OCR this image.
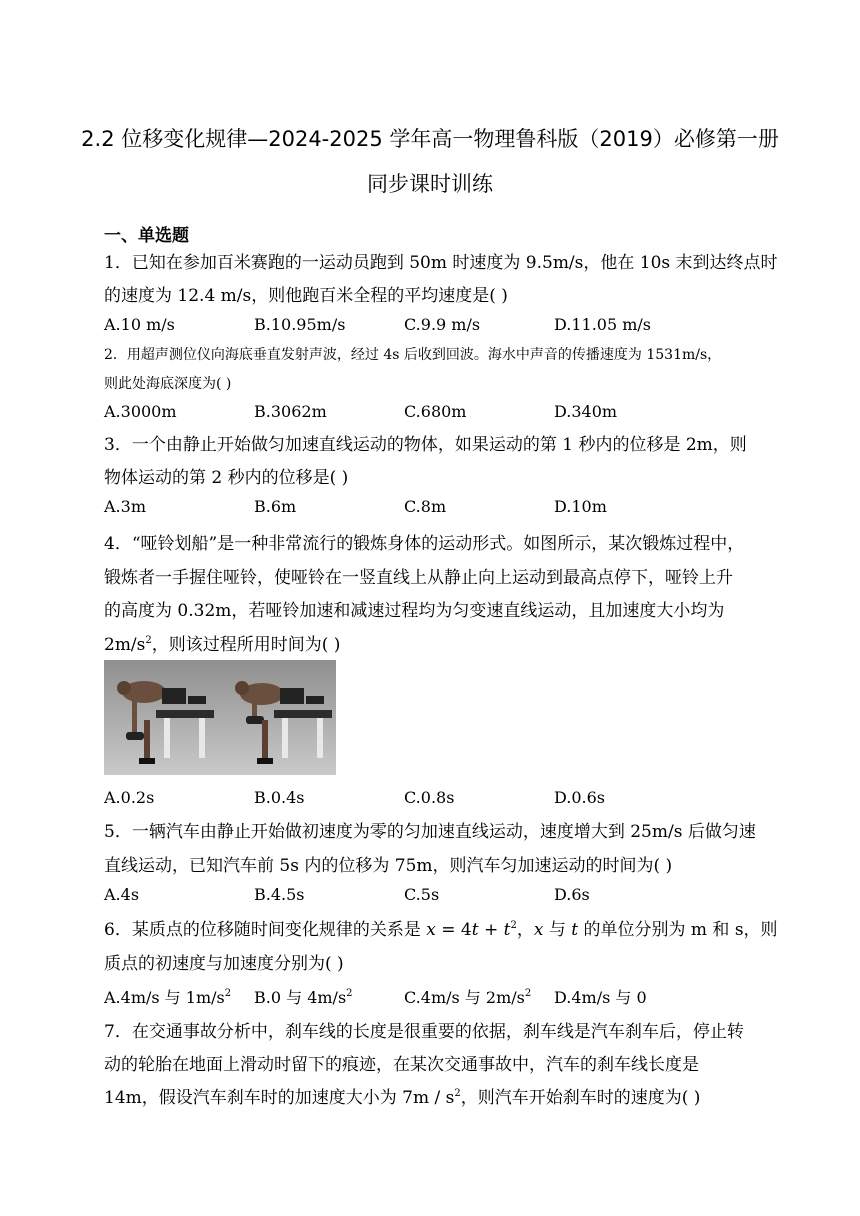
2.2 位移变化规律—2024-2025 学年高一物理鲁科版（2019）必修第一册
同步课时训练
一、单选题
1．已知在参加百米赛跑的一运动员跑到 50m 时速度为 9.5m/s，他在 10s 末到达终点时
的速度为 12.4 m/s，则他跑百米全程的平均速度是( )
A.10 m/s	B.10.95m/s	C.9.9 m/s	D.11.05 m/s
2．用超声测位仪向海底垂直发射声波，经过 4s 后收到回波。海水中声音的传播速度为 1531m/s，
则此处海底深度为( )
A.3000m	B.3062m	C.680m	D.340m
3．一个由静止开始做匀加速直线运动的物体，如果运动的第 1 秒内的位移是 2m，则
物体运动的第 2 秒内的位移是( )
A.3m	B.6m	C.8m	D.10m
4．“哑铃划船”是一种非常流行的锻炼身体的运动形式。如图所示，某次锻炼过程中，
锻炼者一手握住哑铃，使哑铃在一竖直线上从静止向上运动到最高点停下，哑铃上升
的高度为 0.32m，若哑铃加速和减速过程均为匀变速直线运动，且加速度大小均为
$2m/s^2$，则该过程所用时间为( )
A.0.2s	B.0.4s	C.0.8s	D.0.6s
5．一辆汽车由静止开始做初速度为零的匀加速直线运动，速度增大到 25m/s 后做匀速
直线运动，已知汽车前 5s 内的位移为 75m，则汽车匀加速运动的时间为( )
A.4s	B.4.5s	C.5s	D.6s
6．某质点的位移随时间变化规律的关系是 $x = 4t + t^2$，x 与 t 的单位分别为 m 和 s，则
质点的初速度与加速度分别为( )
A.4m/s 与 $1m/s^2$ B.0 与 $4m/s^2$	C.4m/s 与 $2m/s^2$ D.4m/s 与 0
7．在交通事故分析中，刹车线的长度是很重要的依据，刹车线是汽车刹车后，停止转
动的轮胎在地面上滑动时留下的痕迹，在某次交通事故中，汽车的刹车线长度是
14m，假设汽车刹车时的加速度大小为 $7m / s^2$，则汽车开始刹车时的速度为( )
